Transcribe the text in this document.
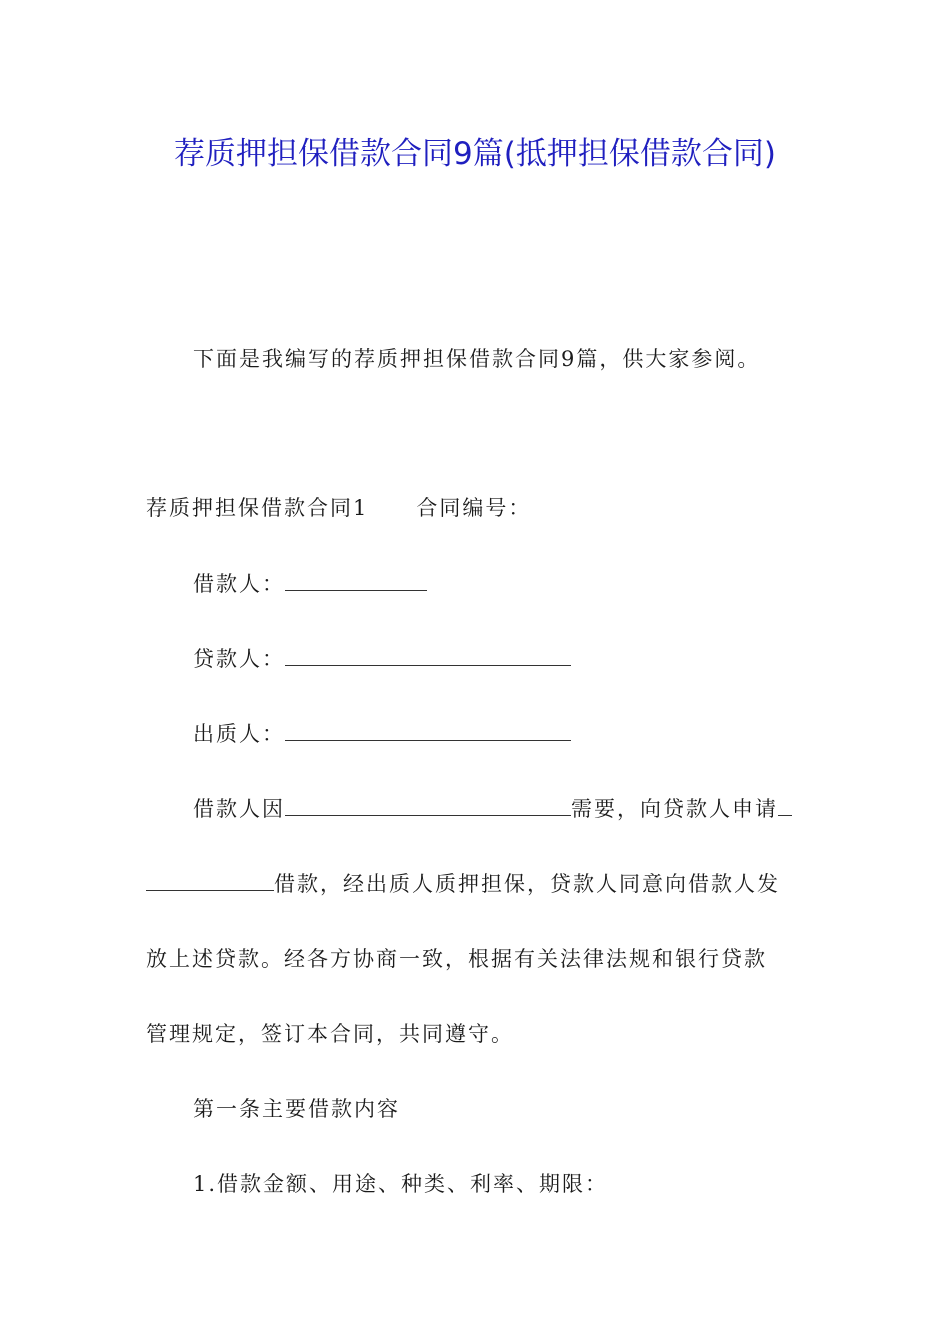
荐质押担保借款合同9篇(抵押担保借款合同)
下面是我编写的荐质押担保借款合同9篇，供大家参阅。
荐质押担保借款合同1 合同编号：
借款人：
贷款人：
出质人：
借款人因	需要，向贷款人申请
借款，经出质人质押担保，贷款人同意向借款人发
放上述贷款。经各方协商一致，根据有关法律法规和银行贷款
管理规定，签订本合同，共同遵守。
第一条主要借款内容
1.借款金额、用途、种类、利率、期限：
